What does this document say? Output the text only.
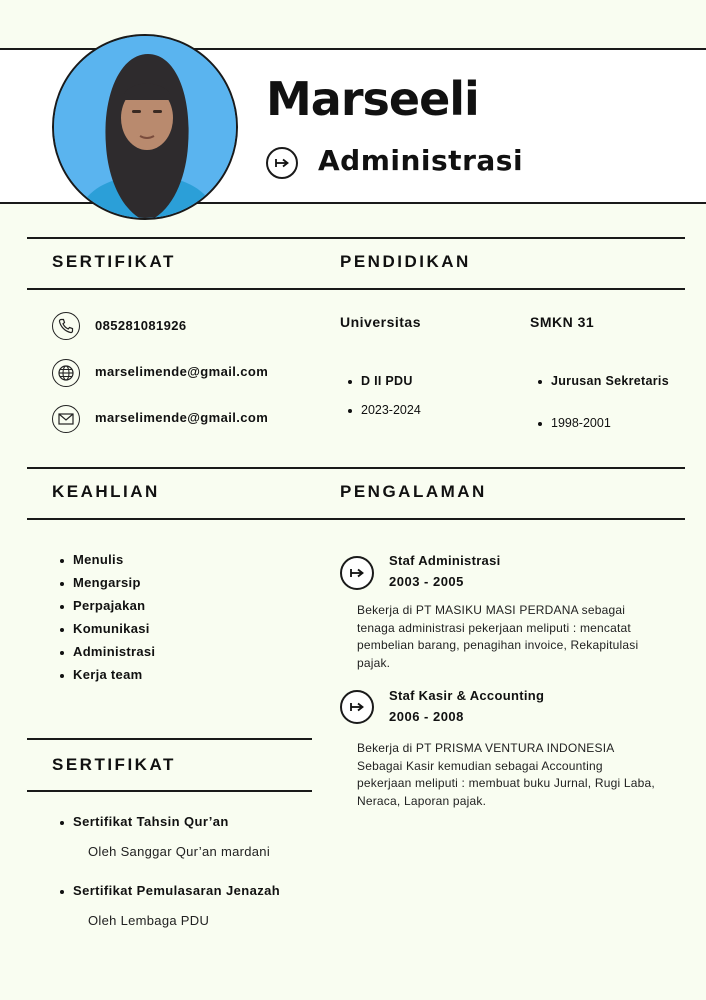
Marseeli
Administrasi
SERTIFIKAT	PENDIDIKAN
085281081926
marselimende@gmail.com
marselimende@gmail.com
Universitas
D II PDU
2023-2024
SMKN 31
Jurusan Sekretaris
1998-2001
KEAHLIAN	PENGALAMAN
Menulis
Mengarsip
Perpajakan
Komunikasi
Administrasi
Kerja team
Staf Administrasi
2003 - 2005
Bekerja di PT MASIKU MASI PERDANA sebagai
tenaga administrasi pekerjaan meliputi : mencatat
pembelian barang, penagihan invoice, Rekapitulasi
pajak.
Staf Kasir & Accounting
2006 - 2008
Bekerja di PT PRISMA VENTURA INDONESIA
Sebagai Kasir kemudian sebagai Accounting
pekerjaan meliputi : membuat buku Jurnal, Rugi Laba,
Neraca, Laporan pajak.
SERTIFIKAT
Sertifikat Tahsin Qur’an
Oleh Sanggar Qur’an mardani
Sertifikat Pemulasaran Jenazah
Oleh Lembaga PDU
